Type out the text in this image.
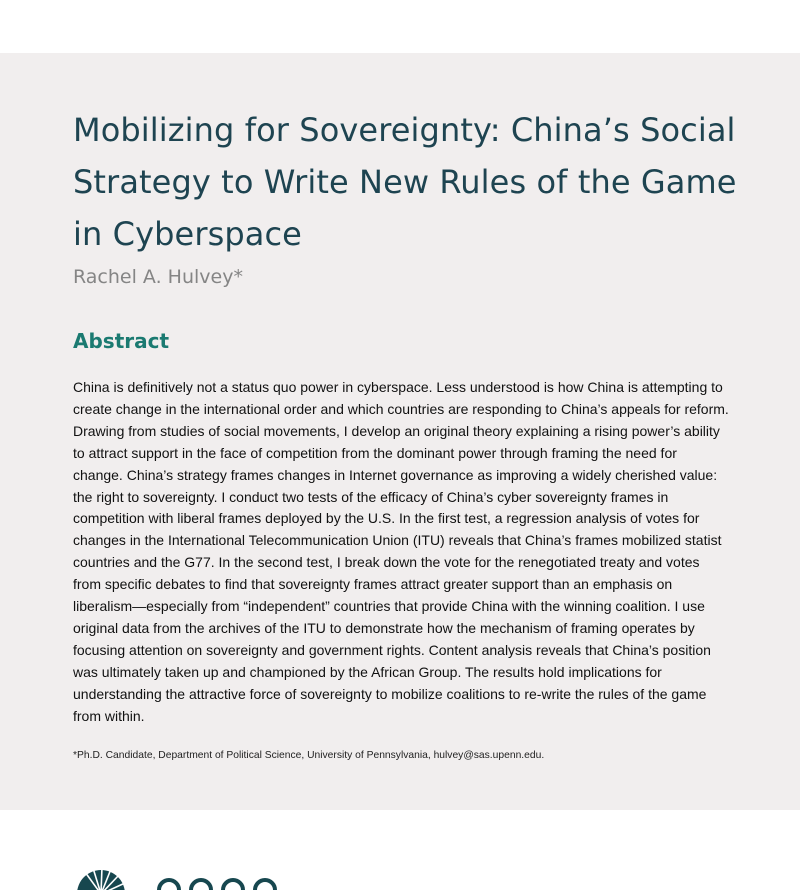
Mobilizing for Sovereignty: China’s Social Strategy to Write New Rules of the Game in Cyberspace

Rachel A. Hulvey*

Abstract

China is definitively not a status quo power in cyberspace. Less understood is how China is attempting to create change in the international order and which countries are responding to China’s appeals for reform. Drawing from studies of social movements, I develop an original theory explaining a rising power’s ability to attract support in the face of competition from the dominant power through framing the need for change. China’s strategy frames changes in Internet governance as improving a widely cherished value: the right to sovereignty. I conduct two tests of the efficacy of China’s cyber sovereignty frames in competition with liberal frames deployed by the U.S. In the first test, a regression analysis of votes for changes in the International Telecommunication Union (ITU) reveals that China’s frames mobilized statist countries and the G77. In the second test, I break down the vote for the renegotiated treaty and votes from specific debates to find that sovereignty frames attract greater support than an emphasis on liberalism—especially from “independent” countries that provide China with the winning coalition. I use original data from the archives of the ITU to demonstrate how the mechanism of framing operates by focusing attention on sovereignty and government rights. Content analysis reveals that China’s position was ultimately taken up and championed by the African Group. The results hold implications for understanding the attractive force of sovereignty to mobilize coalitions to re-write the rules of the game from within.

*Ph.D. Candidate, Department of Political Science, University of Pennsylvania, hulvey@sas.upenn.edu.
